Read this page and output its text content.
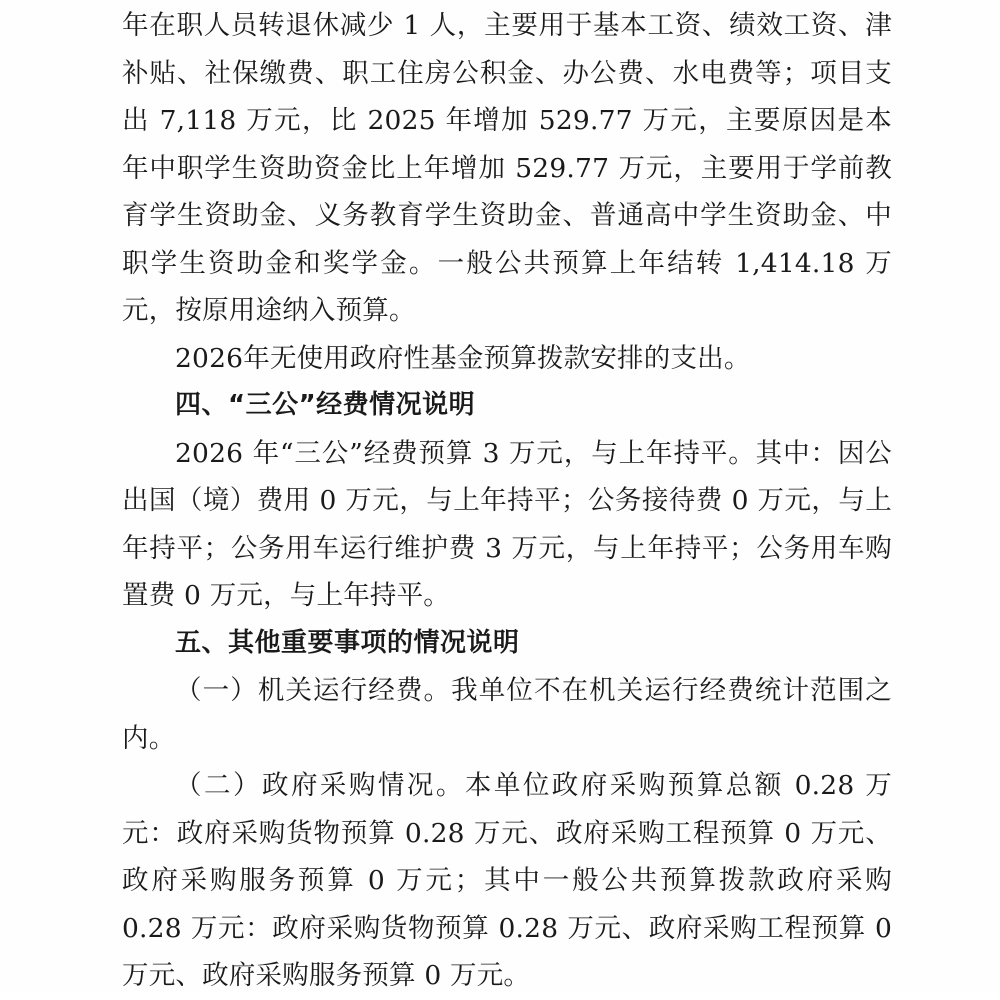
年在职人员转退休减少 1 人，主要用于基本工资、绩效工资、津补贴、社保缴费、职工住房公积金、办公费、水电费等；项目支出 7,118 万元，比 2025 年增加 529.77 万元，主要原因是本年中职学生资助资金比上年增加 529.77 万元，主要用于学前教育学生资助金、义务教育学生资助金、普通高中学生资助金、中职学生资助金和奖学金。一般公共预算上年结转 1,414.18 万元，按原用途纳入预算。

2026年无使用政府性基金预算拨款安排的支出。

四、“三公”经费情况说明

2026 年“三公”经费预算 3 万元，与上年持平。其中：因公出国（境）费用 0 万元，与上年持平；公务接待费 0 万元，与上年持平；公务用车运行维护费 3 万元，与上年持平；公务用车购置费 0 万元，与上年持平。

五、其他重要事项的情况说明

（一）机关运行经费。我单位不在机关运行经费统计范围之内。

（二）政府采购情况。本单位政府采购预算总额 0.28 万元：政府采购货物预算 0.28 万元、政府采购工程预算 0 万元、政府采购服务预算 0 万元；其中一般公共预算拨款政府采购 0.28 万元：政府采购货物预算 0.28 万元、政府采购工程预算 0 万元、政府采购服务预算 0 万元。
